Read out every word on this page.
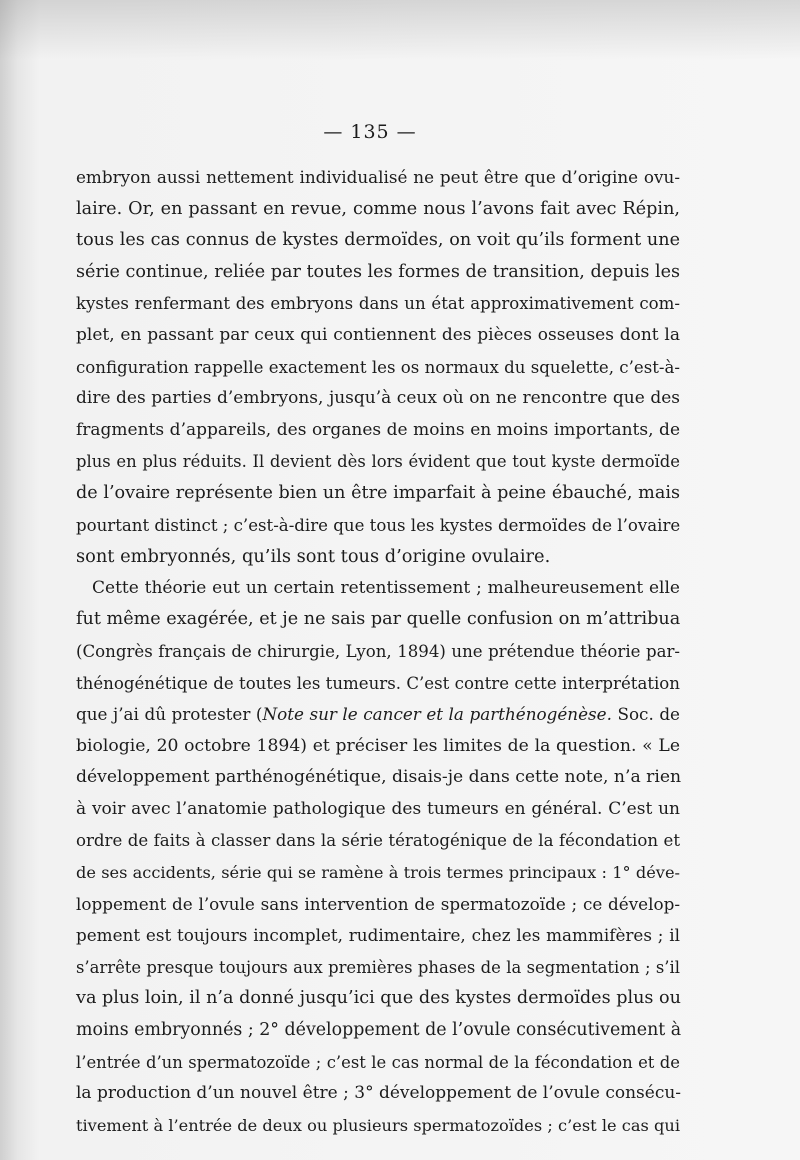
— 135 —
embryon aussi nettement individualisé ne peut être que d’origine ovu-
laire. Or, en passant en revue, comme nous l’avons fait avec Répin,
tous les cas connus de kystes dermoïdes, on voit qu’ils forment une
série continue, reliée par toutes les formes de transition, depuis les
kystes renfermant des embryons dans un état approximativement com-
plet, en passant par ceux qui contiennent des pièces osseuses dont la
configuration rappelle exactement les os normaux du squelette, c’est-à-
dire des parties d’embryons, jusqu’à ceux où on ne rencontre que des
fragments d’appareils, des organes de moins en moins importants, de
plus en plus réduits. Il devient dès lors évident que tout kyste dermoïde
de l’ovaire représente bien un être imparfait à peine ébauché, mais
pourtant distinct ; c’est-à-dire que tous les kystes dermoïdes de l’ovaire
sont embryonnés, qu’ils sont tous d’origine ovulaire.
Cette théorie eut un certain retentissement ; malheureusement elle
fut même exagérée, et je ne sais par quelle confusion on m’attribua
(Congrès français de chirurgie, Lyon, 1894) une prétendue théorie par-
thénogénétique de toutes les tumeurs. C’est contre cette interprétation
que j’ai dû protester (Note sur le cancer et la parthénogénèse. Soc. de
biologie, 20 octobre 1894) et préciser les limites de la question. « Le
développement parthénogénétique, disais-je dans cette note, n’a rien
à voir avec l’anatomie pathologique des tumeurs en général. C’est un
ordre de faits à classer dans la série tératogénique de la fécondation et
de ses accidents, série qui se ramène à trois termes principaux : 1° déve-
loppement de l’ovule sans intervention de spermatozoïde ; ce dévelop-
pement est toujours incomplet, rudimentaire, chez les mammifères ; il
s’arrête presque toujours aux premières phases de la segmentation ; s’il
va plus loin, il n’a donné jusqu’ici que des kystes dermoïdes plus ou
moins embryonnés ; 2° développement de l’ovule consécutivement à
l’entrée d’un spermatozoïde ; c’est le cas normal de la fécondation et de
la production d’un nouvel être ; 3° développement de l’ovule consécu-
tivement à l’entrée de deux ou plusieurs spermatozoïdes ; c’est le cas qui
